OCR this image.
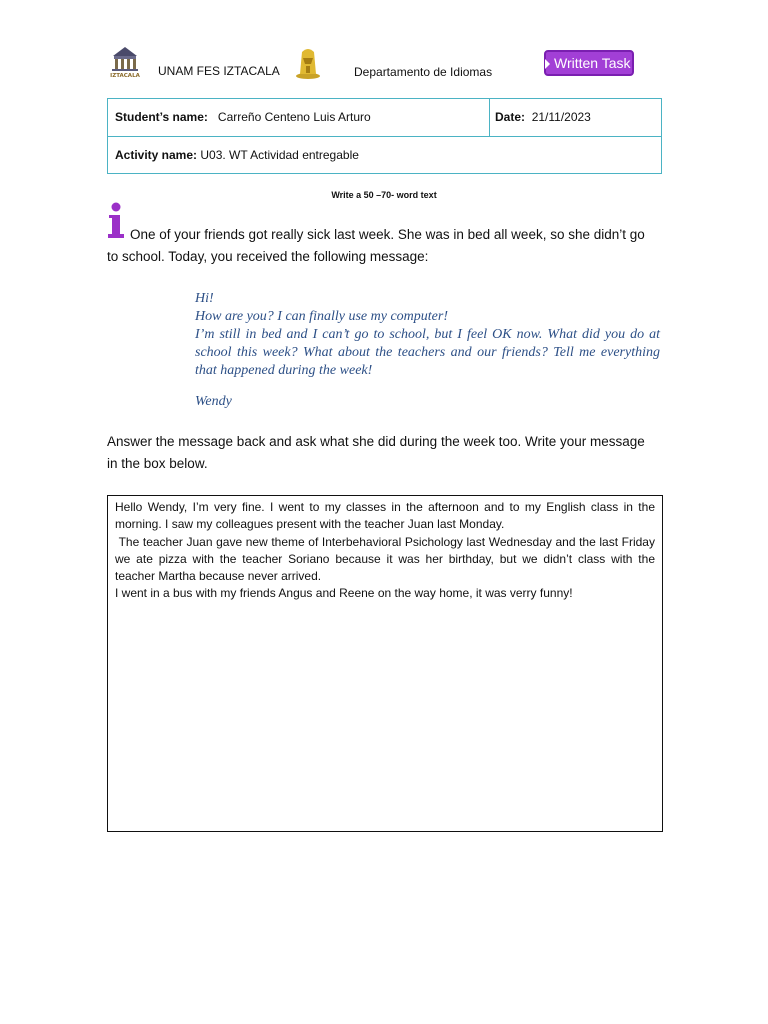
IZTACALA UNAM FES IZTACALA	Departamento de Idiomas
Written Task
Student’s name: Carreño Centeno Luis Arturo	Date: 21/11/2023
Activity name: U03. WT Actividad entregable
Write a 50 –70- word text
One of your friends got really sick last week. She was in bed all week, so she didn’t go
to school. Today, you received the following message:
Hi!
How are you? I can finally use my computer!
I’m still in bed and I can’t go to school, but I feel OK now. What did you do at school this week? What about the teachers and our friends? Tell me everything that happened during the week!
Wendy
Answer the message back and ask what she did during the week too. Write your message
in the box below.

Hello Wendy, I’m very fine. I went to my classes in the afternoon and to my English class in the morning. I saw my colleagues present with the teacher Juan last Monday.

The teacher Juan gave new theme of Interbehavioral Psichology last Wednesday and the last Friday we ate pizza with the teacher Soriano because it was her birthday, but we didn’t class with the teacher Martha because never arrived.

I went in a bus with my friends Angus and Reene on the way home, it was verry funny!
